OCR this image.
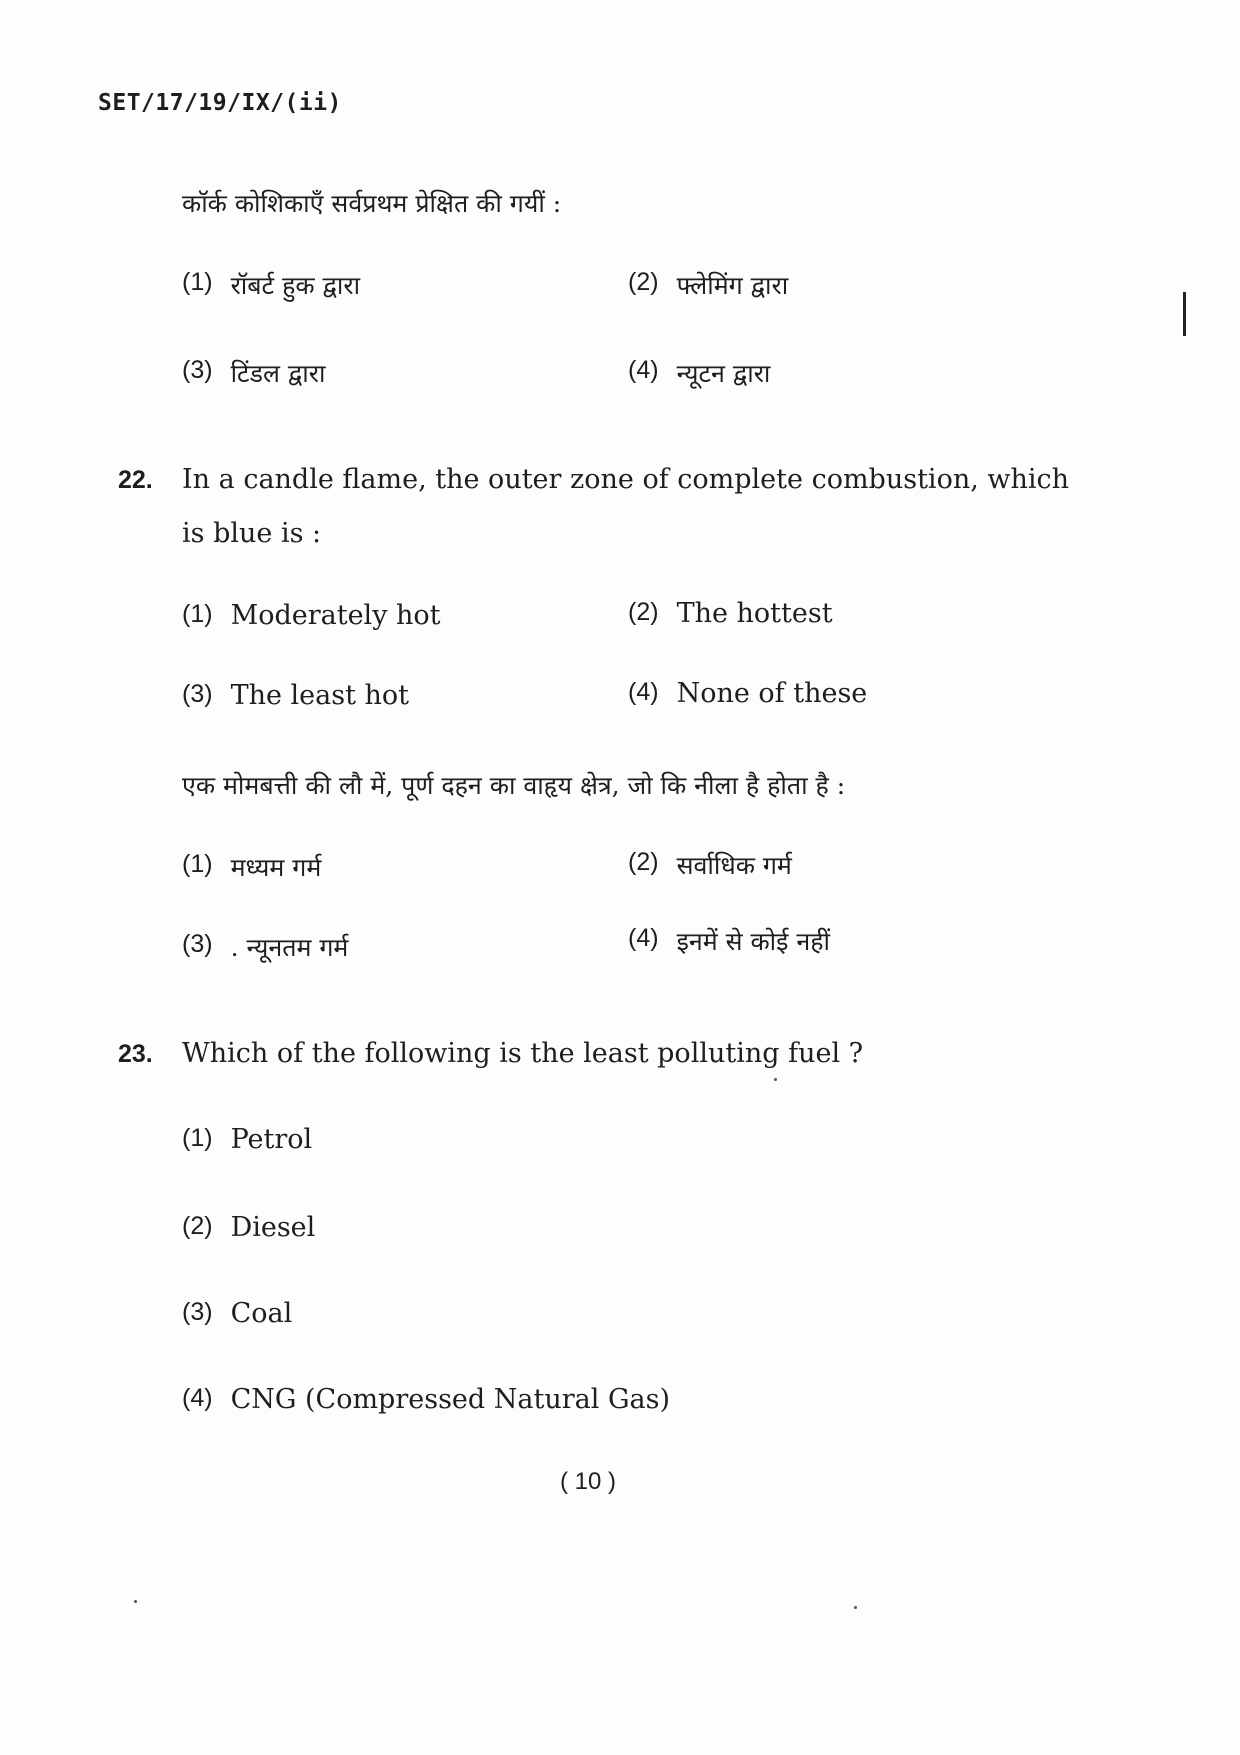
SET/17/19/IX/(ii)
कॉर्क कोशिकाएँ सर्वप्रथम प्रेक्षित की गयीं :
(1) रॉबर्ट हुक द्वारा	(2) फ्लेमिंग द्वारा
(3) टिंडल द्वारा	(4) न्यूटन द्वारा
22. In a candle flame, the outer zone of complete combustion, which
is blue is :
(1) Moderately hot	(2) The hottest
(3) The least hot	(4) None of these
एक मोमबत्ती की लौ में, पूर्ण दहन का वाहृय क्षेत्र, जो कि नीला है होता है :
(1) मध्यम गर्म	(2) सर्वाधिक गर्म
(3) . न्यूनतम गर्म	(4) इनमें से कोई नहीं
23. Which of the following is the least polluting fuel ?
(1) Petrol
(2) Diesel
(3) Coal
(4) CNG (Compressed Natural Gas)
( 10 )
